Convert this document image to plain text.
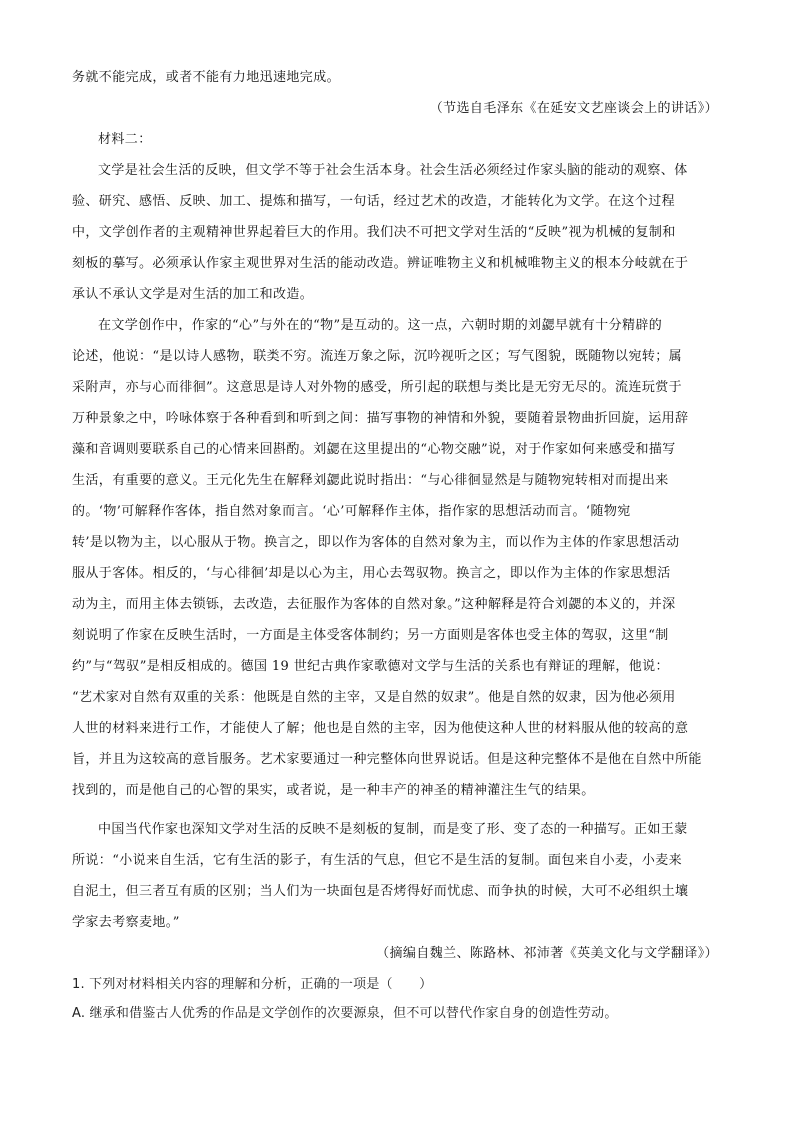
务就不能完成，或者不能有力地迅速地完成。
（节选自毛泽东《在延安文艺座谈会上的讲话》）
材料二：
文学是社会生活的反映，但文学不等于社会生活本身。社会生活必须经过作家头脑的能动的观察、体
验、研究、感悟、反映、加工、提炼和描写，一句话，经过艺术的改造，才能转化为文学。在这个过程
中，文学创作者的主观精神世界起着巨大的作用。我们决不可把文学对生活的“反映”视为机械的复制和
刻板的摹写。必须承认作家主观世界对生活的能动改造。辨证唯物主义和机械唯物主义的根本分岐就在于
承认不承认文学是对生活的加工和改造。
在文学创作中，作家的“心”与外在的“物”是互动的。这一点，六朝时期的刘勰早就有十分精辟的
论述，他说：“是以诗人感物，联类不穷。流连万象之际，沉吟视听之区；写气图貌，既随物以宛转；属
采附声，亦与心而徘徊”。这意思是诗人对外物的感受，所引起的联想与类比是无穷无尽的。流连玩赏于
万种景象之中，吟咏体察于各种看到和听到之间：描写事物的神情和外貌，要随着景物曲折回旋，运用辞
藻和音调则要联系自己的心情来回斟酌。刘勰在这里提出的“心物交融”说，对于作家如何来感受和描写
生活，有重要的意义。王元化先生在解释刘勰此说时指出：“与心徘徊显然是与随物宛转相对而提出来
的。‘物’可解释作客体，指自然对象而言。‘心’可解释作主体，指作家的思想活动而言。‘随物宛
转’是以物为主，以心服从于物。换言之，即以作为客体的自然对象为主，而以作为主体的作家思想活动
服从于客体。相反的，‘与心徘徊’却是以心为主，用心去驾驭物。换言之，即以作为主体的作家思想活
动为主，而用主体去锁铄，去改造，去征服作为客体的自然对象。”这种解释是符合刘勰的本义的，并深
刻说明了作家在反映生活时，一方面是主体受客体制约；另一方面则是客体也受主体的驾驭，这里“制
约”与“驾驭”是相反相成的。德国 19 世纪古典作家歌德对文学与生活的关系也有辩证的理解，他说：
“艺术家对自然有双重的关系：他既是自然的主宰，又是自然的奴隶”。他是自然的奴隶，因为他必须用
人世的材料来进行工作，才能使人了解；他也是自然的主宰，因为他使这种人世的材料服从他的较高的意
旨，并且为这较高的意旨服务。艺术家要通过一种完整体向世界说话。但是这种完整体不是他在自然中所能
找到的，而是他自己的心智的果实，或者说，是一种丰产的神圣的精神灌注生气的结果。
中国当代作家也深知文学对生活的反映不是刻板的复制，而是变了形、变了态的一种描写。正如王蒙
所说：“小说来自生活，它有生活的影子，有生活的气息，但它不是生活的复制。面包来自小麦，小麦来
自泥土，但三者互有质的区别；当人们为一块面包是否烤得好而忧虑、而争执的时候，大可不必组织土壤
学家去考察麦地。”
（摘编自魏兰、陈路林、祁沛著《英美文化与文学翻译》）
1. 下列对材料相关内容的理解和分析，正确的一项是（　　）
A. 继承和借鉴古人优秀的作品是文学创作的次要源泉，但不可以替代作家自身的创造性劳动。
